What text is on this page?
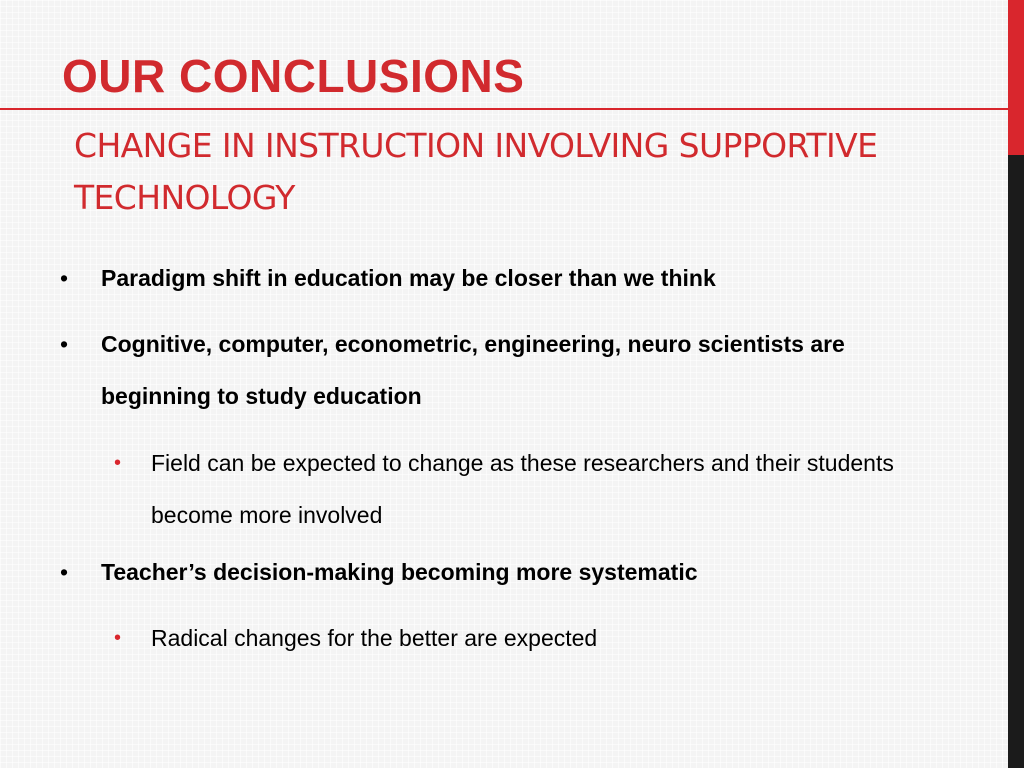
OUR CONCLUSIONS
CHANGE IN INSTRUCTION INVOLVING SUPPORTIVE TECHNOLOGY
• Paradigm shift in education may be closer than we think
• Cognitive, computer, econometric, engineering, neuro scientists are beginning to study education
• Field can be expected to change as these researchers and their students become more involved
• Teacher’s decision-making becoming more systematic
• Radical changes for the better are expected
